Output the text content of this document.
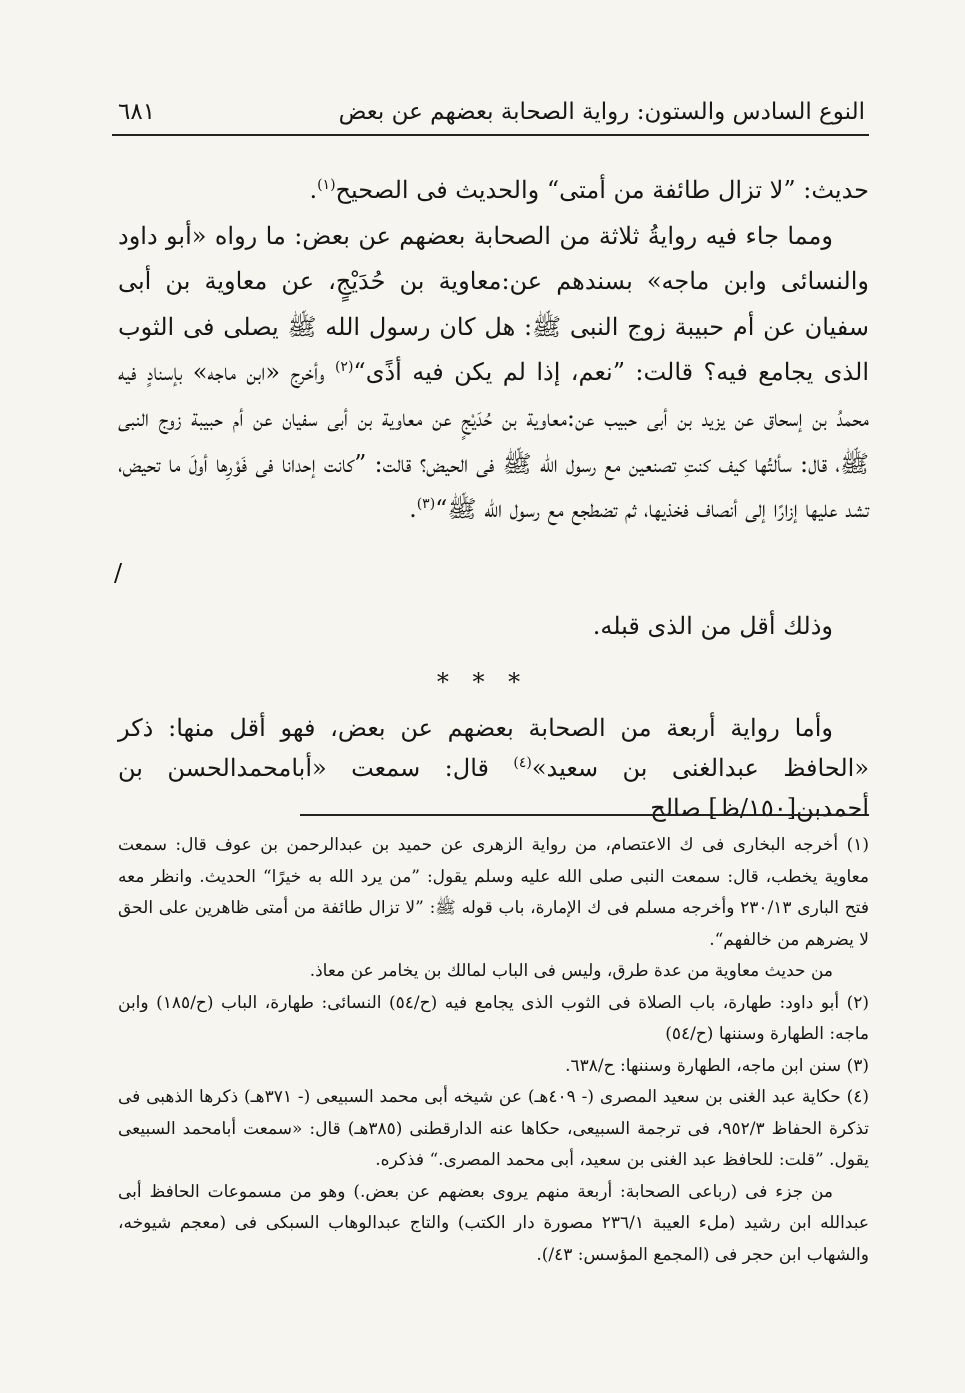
النوع السادس والستون: رواية الصحابة بعضهم عن بعض
٦٨١

حديث: ”لا تزال طائفة من أمتى“ والحديث فى الصحيح$^{(١)}$.

ومما جاء فيه روايةُ ثلاثة من الصحابة بعضهم عن بعض: ما رواه «أبو داود والنسائى وابن ماجه» بسندهم عن:معاوية بن حُدَيْجٍ، عن معاوية بن أبى سفيان عن أم حبيبة زوج النبى ﷺ: هل كان رسول الله ﷺ يصلى فى الثوب الذى يجامع فيه؟ قالت: ”نعم، إذا لم يكن فيه أذًى“$^{(٢)}$ وأخرج «ابن ماجه» بإسنادٍ فيه محمدُ بن إسحاق عن يزيد بن أبى حبيب عن:معاوية بن حُدَيْجٍ عن معاوية بن أبى سفيان عن أم حبيبة زوج النبى ﷺ، قال: سألتُها كيف كنتِ تصنعين مع رسول الله ﷺ فى الحيض؟ قالت: ”كانت إحدانا فى فَوْرِها أولَ ما تحيض، تشد عليها إزارًا إلى أنصاف فخذيها، ثم تضطجع مع رسول الله ﷺ“$^{(٣)}$.

/
وذلك أقل من الذى قبله.
* * *

وأما رواية أربعة من الصحابة بعضهم عن بعض، فهو أقل منها: ذكر «الحافظ عبدالغنى بن سعيد»$^{(٤)}$ قال: سمعت «أبامحمدالحسن بن أحمدبن[١٥٠/ظ] صالح

(١) أخرجه البخارى فى ك الاعتصام، من رواية الزهرى عن حميد بن عبدالرحمن بن عوف قال: سمعت معاوية يخطب، قال: سمعت النبى صلى الله عليه وسلم يقول: ”من يرد الله به خيرًا“ الحديث. وانظر معه فتح البارى ٢٣٠/١٣ وأخرجه مسلم فى ك الإمارة، باب قوله ﷺ: ”لا تزال طائفة من أمتى ظاهرين على الحق لا يضرهم من خالفهم“.

من حديث معاوية من عدة طرق، وليس فى الباب لمالك بن يخامر عن معاذ.

(٢) أبو داود: طهارة، باب الصلاة فى الثوب الذى يجامع فيه (ح/٥٤) النسائى: طهارة، الباب (ح/١٨٥) وابن ماجه: الطهارة وسننها (ح/٥٤)

(٣) سنن ابن ماجه، الطهارة وسننها: ح/٦٣٨.

(٤) حكاية عبد الغنى بن سعيد المصرى (- ٤٠٩هـ) عن شيخه أبى محمد السبيعى (- ٣٧١هـ) ذكرها الذهبى فى تذكرة الحفاظ ٩٥٢/٣، فى ترجمة السبيعى، حكاها عنه الدارقطنى (٣٨٥هـ) قال: «سمعت أبامحمد السبيعى يقول. ”قلت: للحافظ عبد الغنى بن سعيد، أبى محمد المصرى.“ فذكره.

من جزء فى (رباعى الصحابة: أربعة منهم يروى بعضهم عن بعض.) وهو من مسموعات الحافظ أبى عبدالله ابن رشيد (ملء العيبة ٢٣٦/١ مصورة دار الكتب) والتاج عبدالوهاب السبكى فى (معجم شيوخه، والشهاب ابن حجر فى (المجمع المؤسس: ٤٣/).
